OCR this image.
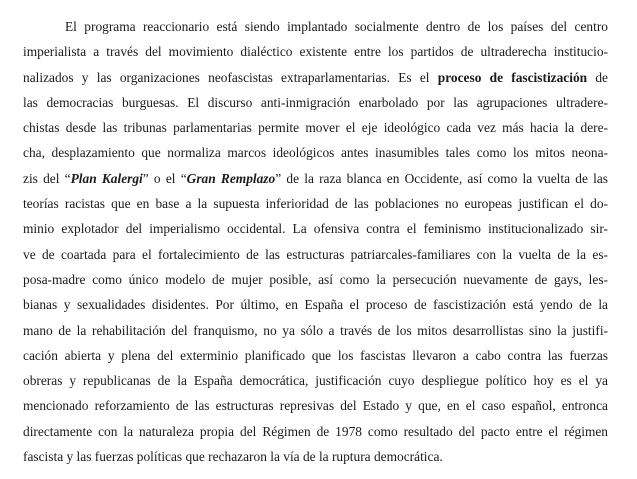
El programa reaccionario está siendo implantado socialmente dentro de los países del centro
imperialista a través del movimiento dialéctico existente entre los partidos de ultraderecha institucio-
nalizados y las organizaciones neofascistas extraparlamentarias. Es el proceso de fascistización de
las democracias burguesas. El discurso anti-inmigración enarbolado por las agrupaciones ultradere-
chistas desde las tribunas parlamentarias permite mover el eje ideológico cada vez más hacia la dere-
cha, desplazamiento que normaliza marcos ideológicos antes inasumibles tales como los mitos neona-
zis del “Plan Kalergi” o el “Gran Remplazo” de la raza blanca en Occidente, así como la vuelta de las
teorías racistas que en base a la supuesta inferioridad de las poblaciones no europeas justifican el do-
minio explotador del imperialismo occidental. La ofensiva contra el feminismo institucionalizado sir-
ve de coartada para el fortalecimiento de las estructuras patriarcales-familiares con la vuelta de la es-
posa-madre como único modelo de mujer posible, así como la persecución nuevamente de gays, les-
bianas y sexualidades disidentes. Por último, en España el proceso de fascistización está yendo de la
mano de la rehabilitación del franquismo, no ya sólo a través de los mitos desarrollistas sino la justifi-
cación abierta y plena del exterminio planificado que los fascistas llevaron a cabo contra las fuerzas
obreras y republicanas de la España democrática, justificación cuyo despliegue político hoy es el ya
mencionado reforzamiento de las estructuras represivas del Estado y que, en el caso español, entronca
directamente con la naturaleza propia del Régimen de 1978 como resultado del pacto entre el régimen
fascista y las fuerzas políticas que rechazaron la vía de la ruptura democrática.
